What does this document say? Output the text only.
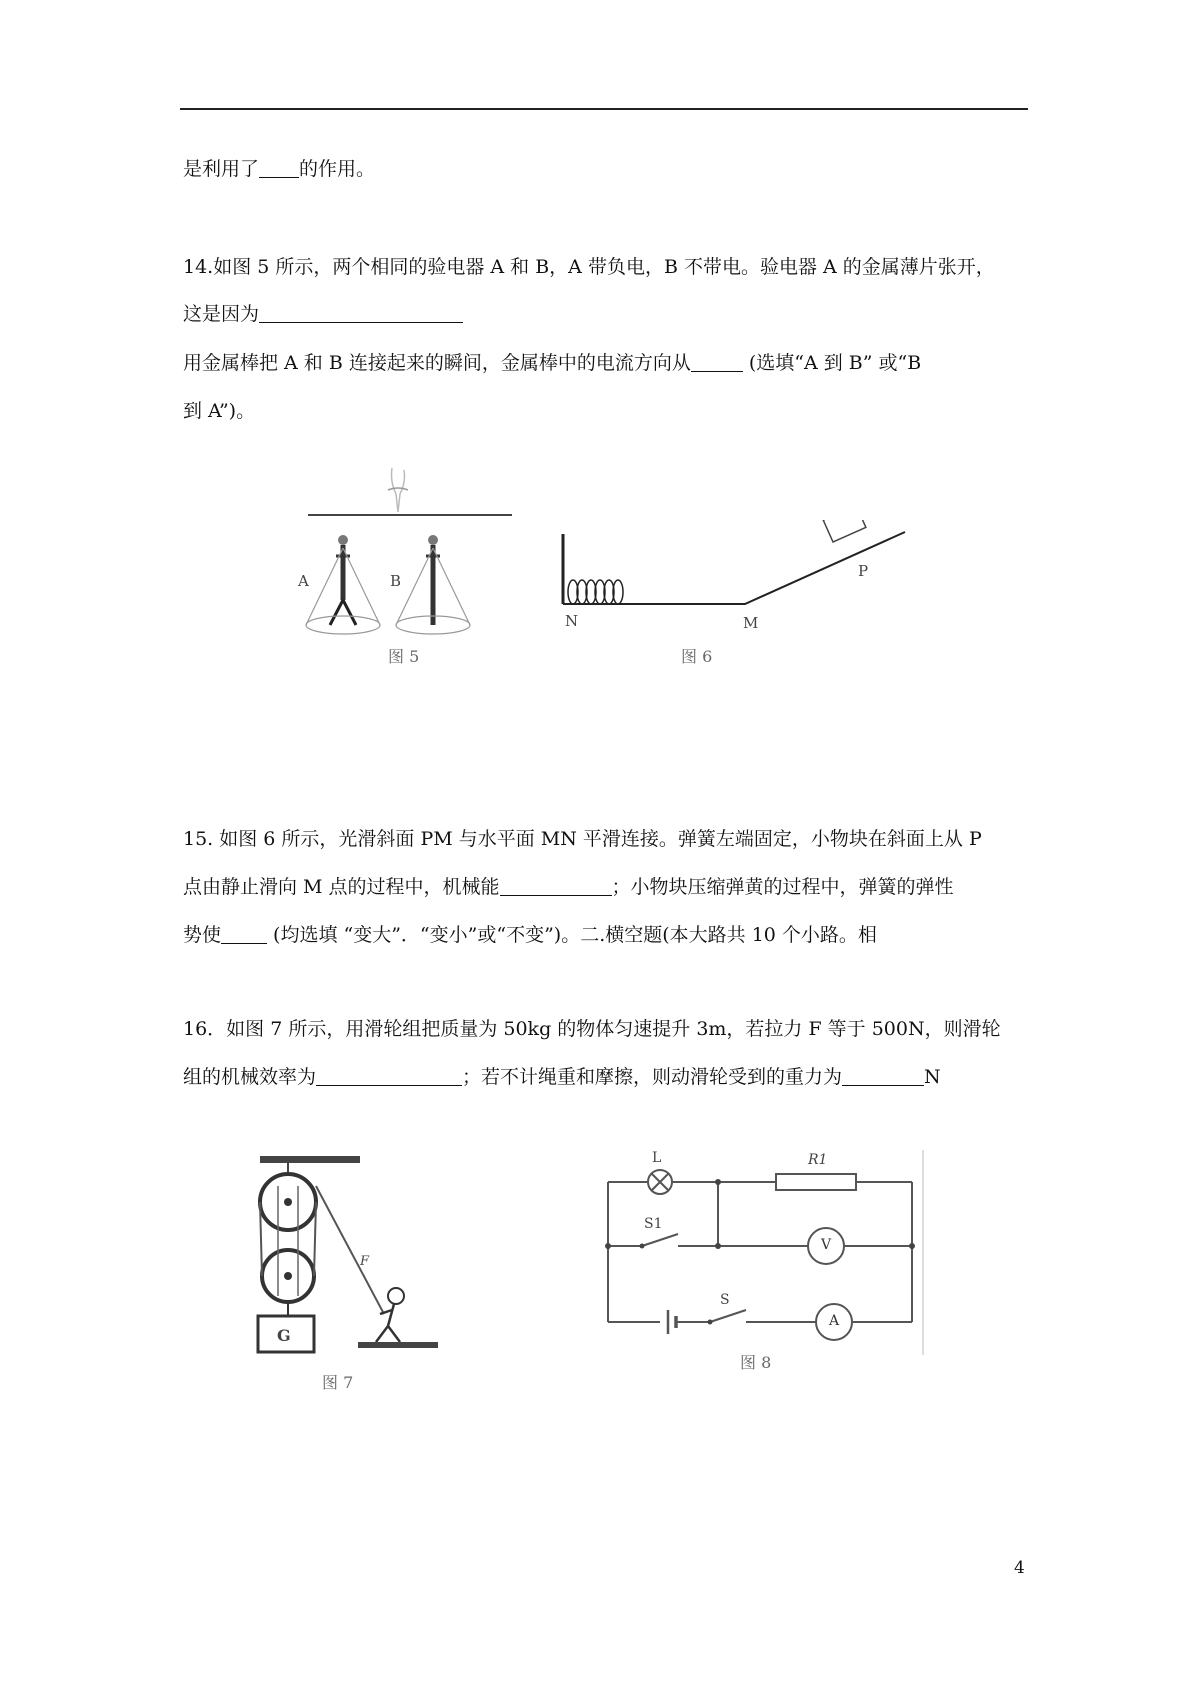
是利用了 的作用。
14.如图 5 所示，两个相同的验电器 A 和 B，A 带负电，B 不带电。验电器 A 的金属薄片张开，
这是因为
用金属棒把 A 和 B 连接起来的瞬间，金属棒中的电流方向从	(选填“A 到 B” 或“B
到 A”)。
A	B
图 5
N	M
P
图 6
15. 如图 6 所示，光滑斜面 PM 与水平面 MN 平滑连接。弹簧左端固定，小物块在斜面上从 P
点由静止滑向 M 点的过程中，机械能	；小物块压缩弹黄的过程中，弹簧的弹性
势使 (均选填 “变大”．“变小”或“不变”)。二.横空题(本大路共 10 个小路。相
16．如图 7 所示，用滑轮组把质量为 50kg 的物体匀速提升 3m，若拉力 F 等于 500N，则滑轮
组的机械效率为	；若不计绳重和摩擦，则动滑轮受到的重力为	N
G
F
图 7
L	R1
S1
S
V
A
图 8
4
